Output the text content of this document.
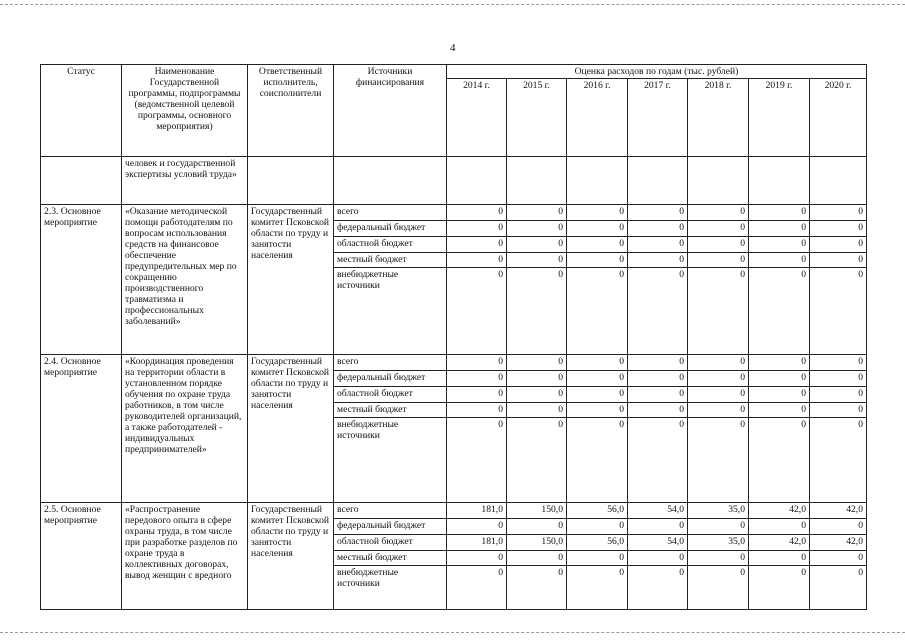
4
Статус	Наименование Государственной программы, подпрограммы (ведомственной целевой программы, основного мероприятия)	Ответственный исполнитель, соисполнители	Источники финансирования	Оценка расходов по годам (тыс. рублей)						
				2014 г.	2015 г.	2016 г.	2017 г.	2018 г.	2019 г.	2020 г.
	человек и государственной экспертизы условий труда»									
2.3. Основное мероприятие	«Оказание методической помощи работодателям по вопросам использования средств на финансовое обеспечение предупредительных мер по сокращению производственного травматизма и профессиональных заболеваний»	Государственный комитет Псковской области по труду и занятости населения	всего	0	0	0	0	0	0	0
			федеральный бюджет	0	0	0	0	0	0	0
			областной бюджет	0	0	0	0	0	0	0
			местный бюджет	0	0	0	0	0	0	0
			внебюджетные источники	0	0	0	0	0	0	0
2.4. Основное мероприятие	«Координация проведения на территории области в установленном порядке обучения по охране труда работников, в том числе руководителей организаций, а также работодателей - индивидуальных предпринимателей»	Государственный комитет Псковской области по труду и занятости населения	всего	0	0	0	0	0	0	0
			федеральный бюджет	0	0	0	0	0	0	0
			областной бюджет	0	0	0	0	0	0	0
			местный бюджет	0	0	0	0	0	0	0
			внебюджетные источники	0	0	0	0	0	0	0
2.5. Основное мероприятие	«Распространение передового опыта в сфере охраны труда, в том числе при разработке разделов по охране труда в коллективных договорах, вывод женщин с вредного	Государственный комитет Псковской области по труду и занятости населения	всего	181,0	150,0	56,0	54,0	35,0	42,0	42,0
			федеральный бюджет	0	0	0	0	0	0	0
			областной бюджет	181,0	150,0	56,0	54,0	35,0	42,0	42,0
			местный бюджет	0	0	0	0	0	0	0
			внебюджетные источники	0	0	0	0	0	0	0
